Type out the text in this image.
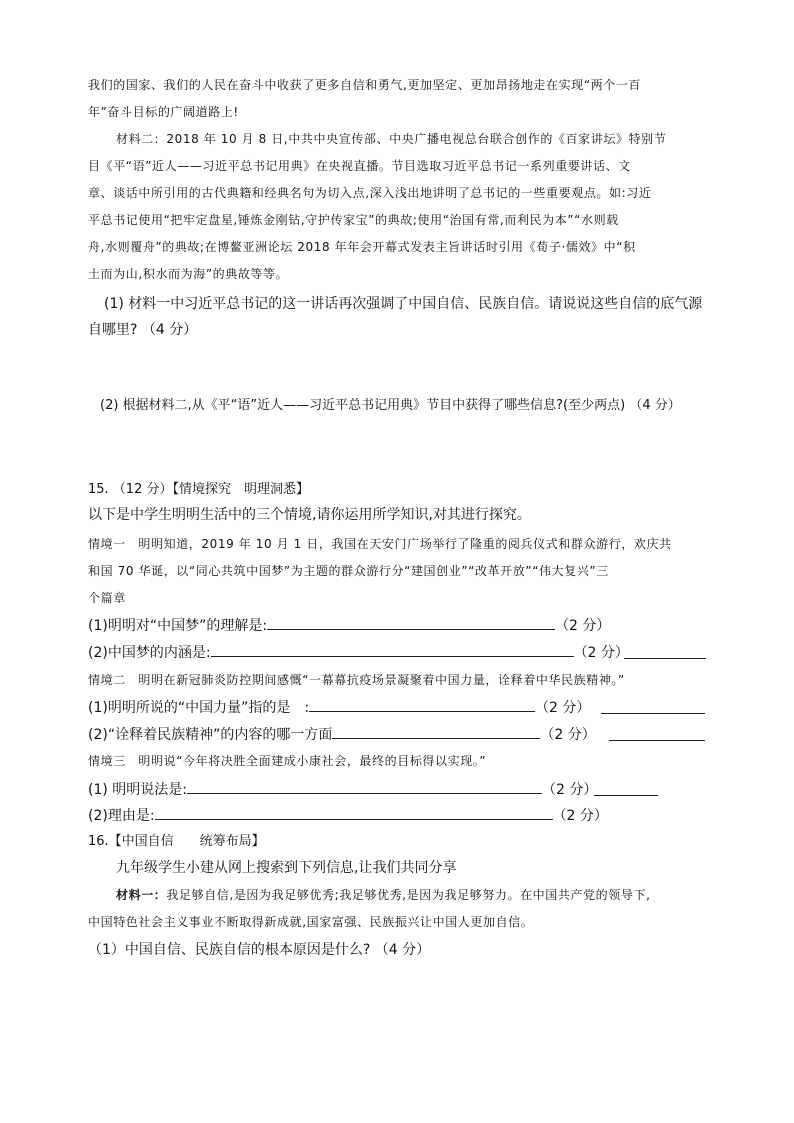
我们的国家、我们的人民在奋斗中收获了更多自信和勇气,更加坚定、更加昂扬地走在实现“两个一百
年”奋斗目标的广阔道路上!
材料二：2018 年 10 月 8 日,中共中央宣传部、中央广播电视总台联合创作的《百家讲坛》特别节
目《平“语”近人——习近平总书记用典》在央视直播。节目选取习近平总书记一系列重要讲话、文
章、谈话中所引用的古代典籍和经典名句为切入点,深入浅出地讲明了总书记的一些重要观点。如:习近
平总书记使用“把牢定盘星,锤炼金刚钻,守护传家宝”的典故;使用“治国有常,而利民为本”“水则载
舟,水则覆舟”的典故;在博鳌亚洲论坛 2018 年年会开幕式发表主旨讲话时引用《荀子·儒效》中“积
土而为山,积水而为海”的典故等等。
(1) 材料一中习近平总书记的这一讲话再次强调了中国自信、民族自信。请说说这些自信的底气源
自哪里? （4 分）
(2) 根据材料二,从《平“语”近人——习近平总书记用典》节目中获得了哪些信息?(至少两点) （4 分）
15. （12 分）【情境探究　明理洞悉】
以下是中学生明明生活中的三个情境,请你运用所学知识,对其进行探究。
情境一　明明知道，2019 年 10 月 1 日，我国在天安门广场举行了隆重的阅兵仪式和群众游行，欢庆共
和国 70 华诞，以“同心共筑中国梦”为主题的群众游行分“建国创业”“改革开放”“伟大复兴”三
个篇章
(1)明明对“中国梦”的理解是:	（2 分）
(2)中国梦的内涵是:	（2 分）
情境二　明明在新冠肺炎防控期间感慨“一幕幕抗疫场景凝聚着中国力量，诠释着中华民族精神。”
(1)明明所说的“中国力量”指的是　:	（2 分）
(2)“诠释着民族精神”的内容的哪一方面	（2 分）
情境三　明明说“今年将决胜全面建成小康社会，最终的目标得以实现。”
(1) 明明说法是:	（2 分）
(2)理由是:	（2 分）
16.【中国自信　　统筹布局】
九年级学生小建从网上搜索到下列信息,让我们共同分享
材料一：我足够自信,是因为我足够优秀;我足够优秀,是因为我足够努力。在中国共产党的领导下,
中国特色社会主义事业不断取得新成就,国家富强、民族振兴让中国人更加自信。
（1）中国自信、民族自信的根本原因是什么? （4 分）
